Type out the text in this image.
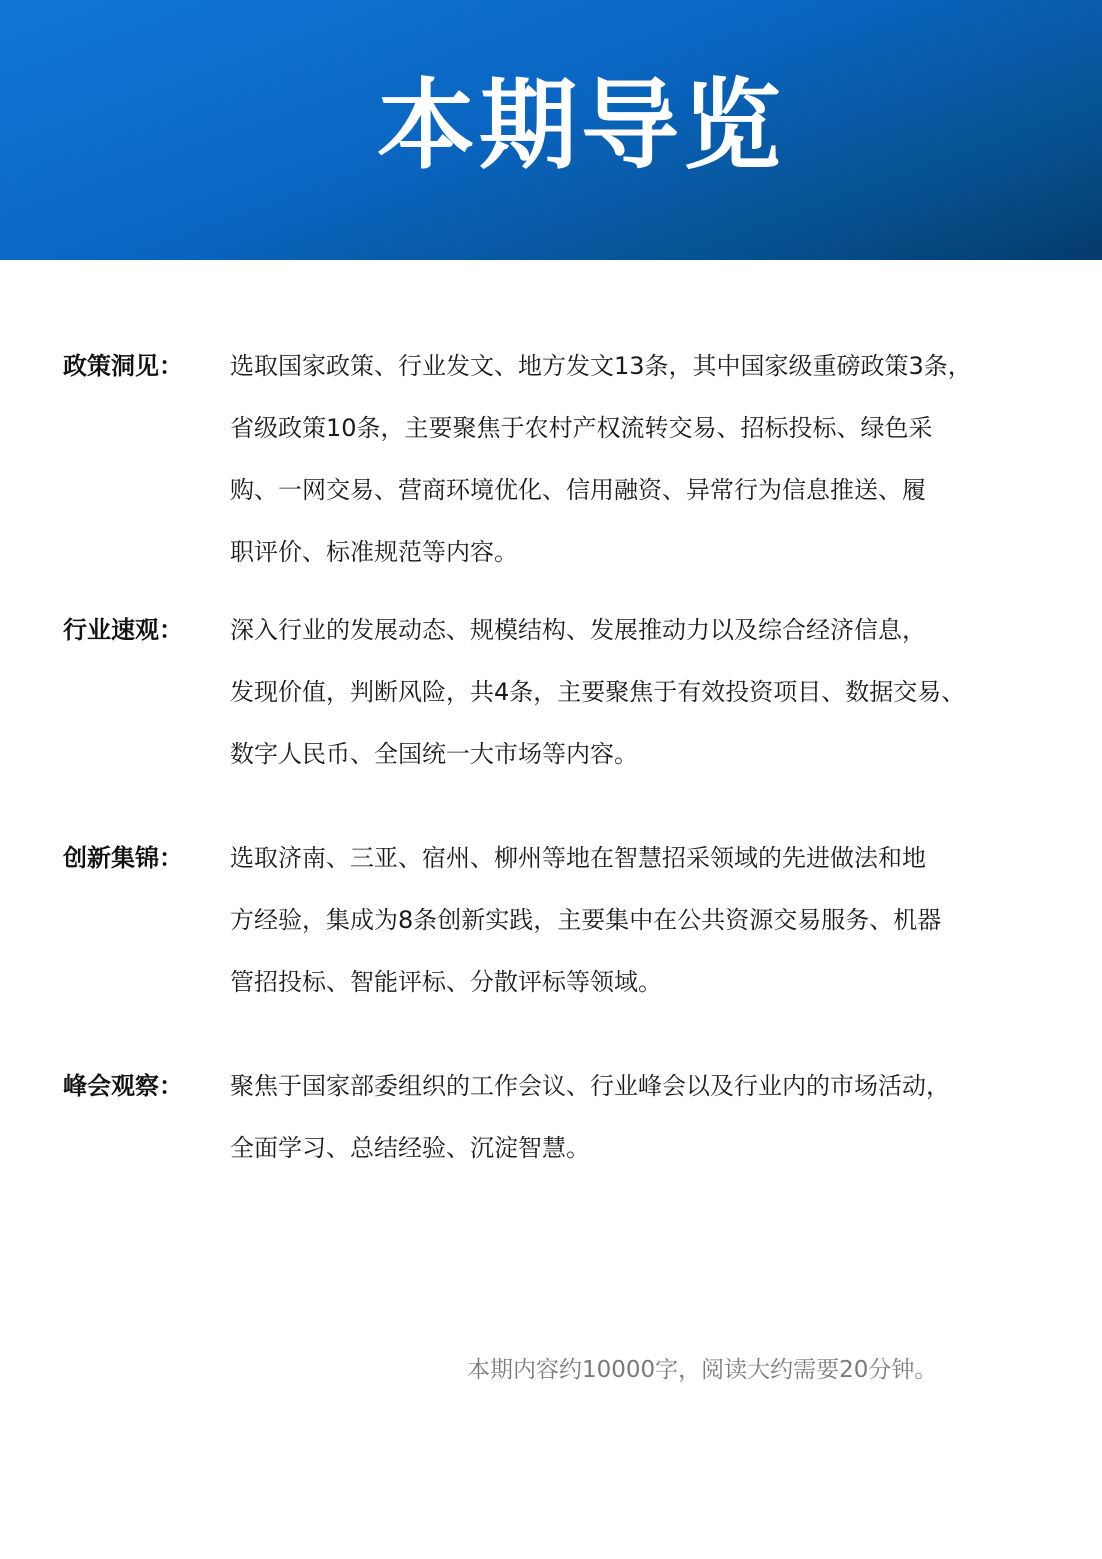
本期导览
政策洞见： 选取国家政策、行业发文、地方发文13条，其中国家级重磅政策3条，
省级政策10条，主要聚焦于农村产权流转交易、招标投标、绿色采
购、一网交易、营商环境优化、信用融资、异常行为信息推送、履
职评价、标准规范等内容。
行业速观： 深入行业的发展动态、规模结构、发展推动力以及综合经济信息，
发现价值，判断风险，共4条，主要聚焦于有效投资项目、数据交易、
数字人民币、全国统一大市场等内容。
创新集锦： 选取济南、三亚、宿州、柳州等地在智慧招采领域的先进做法和地
方经验，集成为8条创新实践，主要集中在公共资源交易服务、机器
管招投标、智能评标、分散评标等领域。
峰会观察： 聚焦于国家部委组织的工作会议、行业峰会以及行业内的市场活动，
全面学习、总结经验、沉淀智慧。
本期内容约10000字，阅读大约需要20分钟。
